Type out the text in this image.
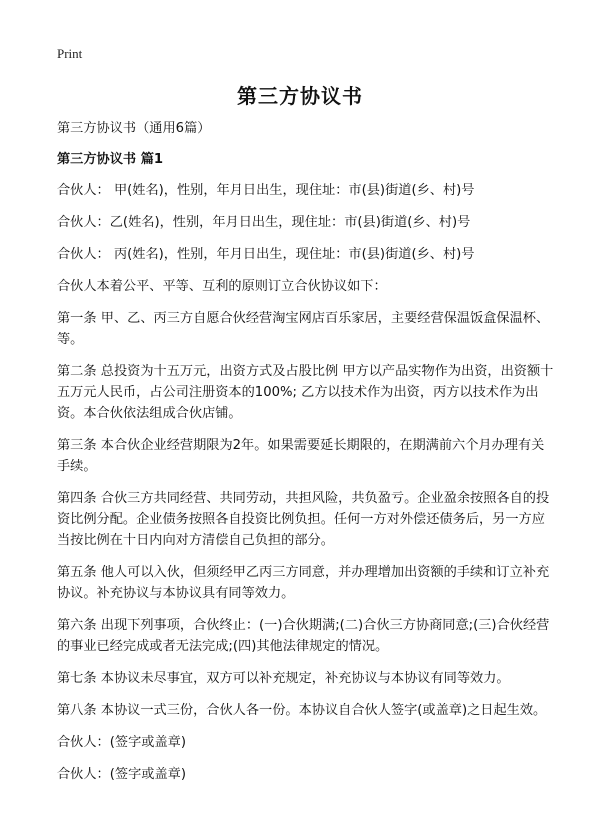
Print
第三方协议书

第三方协议书（通用6篇）

第三方协议书 篇1

合伙人： 甲(姓名)，性别，年月日出生，现住址：市(县)街道(乡、村)号

合伙人：乙(姓名)，性别，年月日出生，现住址：市(县)街道(乡、村)号

合伙人： 丙(姓名)，性别，年月日出生，现住址：市(县)街道(乡、村)号

合伙人本着公平、平等、互利的原则订立合伙协议如下：

第一条 甲、乙、丙三方自愿合伙经营淘宝网店百乐家居，主要经营保温饭盒保温杯、等。

第二条 总投资为十五万元，出资方式及占股比例 甲方以产品实物作为出资，出资额十五万元人民币，占公司注册资本的100%; 乙方以技术作为出资，丙方以技术作为出资。本合伙依法组成合伙店铺。

第三条 本合伙企业经营期限为2年。如果需要延长期限的，在期满前六个月办理有关手续。

第四条 合伙三方共同经营、共同劳动，共担风险，共负盈亏。企业盈余按照各自的投资比例分配。企业债务按照各自投资比例负担。任何一方对外偿还债务后，另一方应当按比例在十日内向对方清偿自己负担的部分。

第五条 他人可以入伙，但须经甲乙丙三方同意，并办理增加出资额的手续和订立补充协议。补充协议与本协议具有同等效力。

第六条 出现下列事项，合伙终止：(一)合伙期满;(二)合伙三方协商同意;(三)合伙经营的事业已经完成或者无法完成;(四)其他法律规定的情况。

第七条 本协议未尽事宜，双方可以补充规定，补充协议与本协议有同等效力。

第八条 本协议一式三份，合伙人各一份。本协议自合伙人签字(或盖章)之日起生效。

合伙人：(签字或盖章)

合伙人：(签字或盖章)
